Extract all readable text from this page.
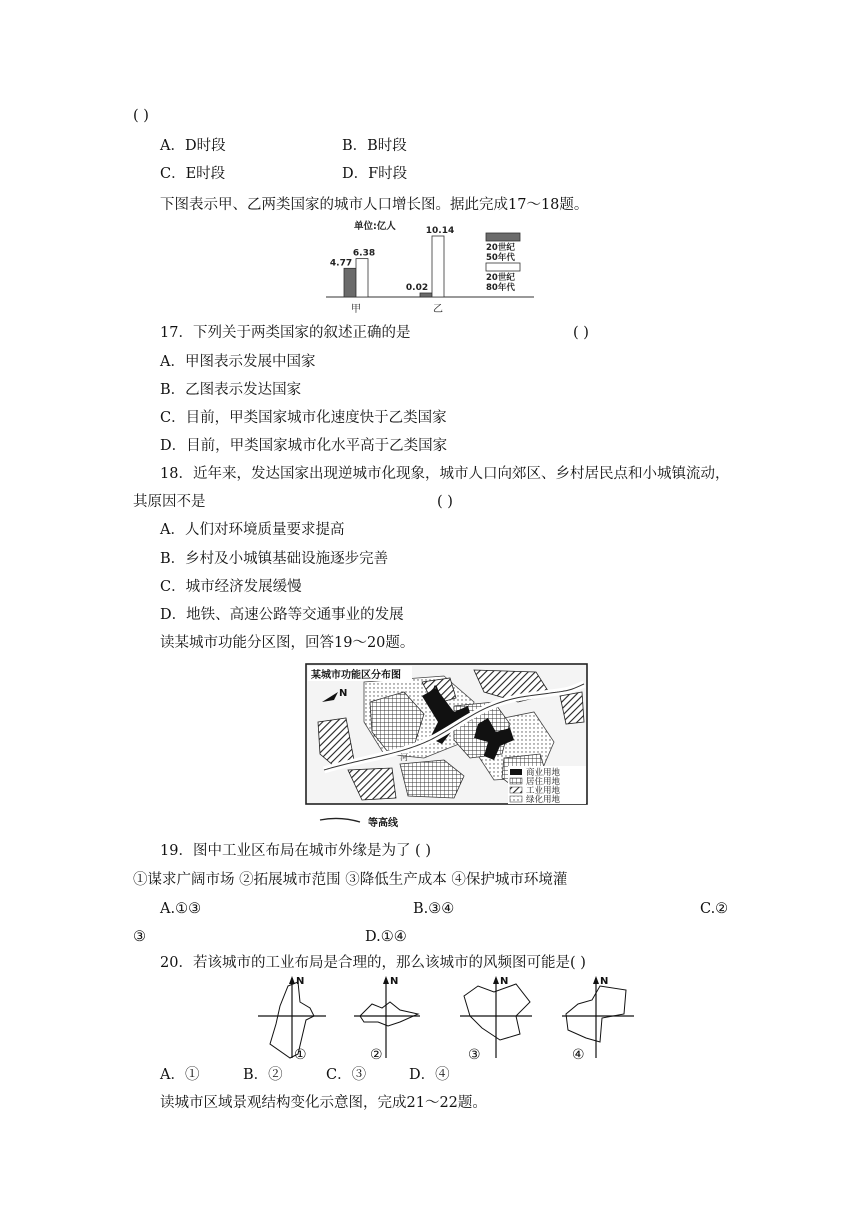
( )
A．D时段	B．B时段
C．E时段	D．F时段
下图表示甲、乙两类国家的城市人口增长图。据此完成17～18题。
单位:亿人
4.77
6.38
0.02
10.14
甲	乙
20世纪
50年代
20世纪
80年代
17．下列关于两类国家的叙述正确的是	( )
A．甲图表示发展中国家
B．乙图表示发达国家
C．目前，甲类国家城市化速度快于乙类国家
D．目前，甲类国家城市化水平高于乙类国家
18．近年来，发达国家出现逆城市化现象，城市人口向郊区、乡村居民点和小城镇流动，
其原因不是	( )
A．人们对环境质量要求提高
B．乡村及小城镇基础设施逐步完善
C．城市经济发展缓慢
D．地铁、高速公路等交通事业的发展
读某城市功能分区图，回答19～20题。
某城市功能区分布图
N	A
河
商业用地
居住用地
工业用地
绿化用地
等高线
19．图中工业区布局在城市外缘是为了 ( )
①谋求广阔市场 ②拓展城市范围 ③降低生产成本 ④保护城市环境灌
A.①③	B.③④	C.②
③	D.①④
20．若该城市的工业布局是合理的，那么该城市的风频图可能是( )
N
①
N
②
N
③
N
④
A．①	B．②	C．③	D．④
读城市区域景观结构变化示意图，完成21～22题。
